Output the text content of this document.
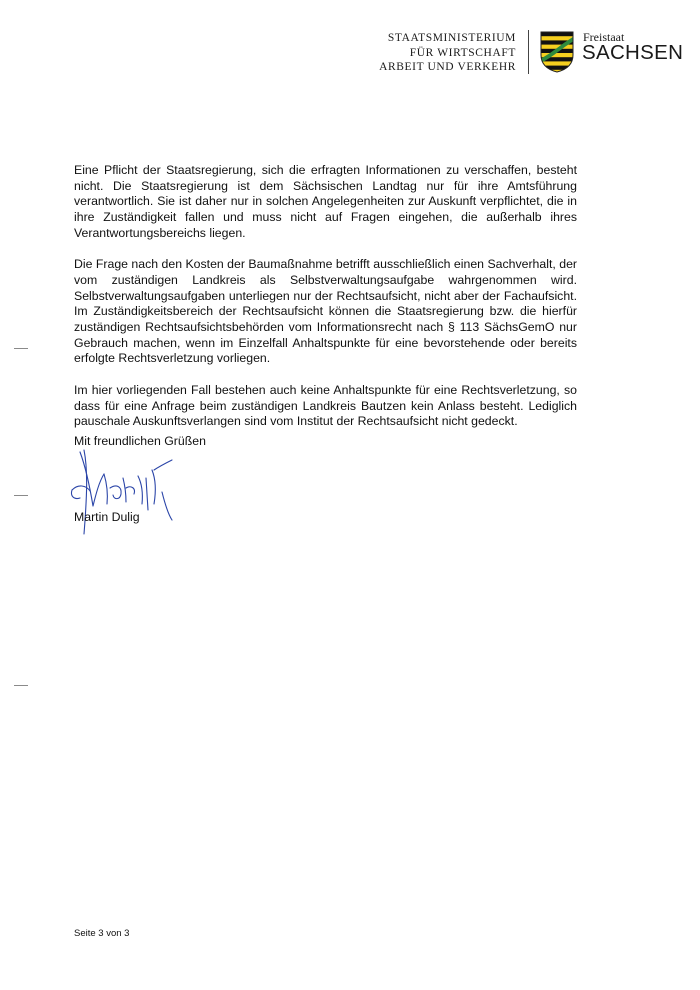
STAATSMINISTERIUM
FÜR WIRTSCHAFT
ARBEIT UND VERKEHR
Freistaat
SACHSEN

Eine Pflicht der Staatsregierung, sich die erfragten Informationen zu verschaffen, besteht nicht. Die Staatsregierung ist dem Sächsischen Landtag nur für ihre Amtsführung verantwortlich. Sie ist daher nur in solchen Angelegenheiten zur Auskunft verpflichtet, die in ihre Zuständigkeit fallen und muss nicht auf Fragen eingehen, die außerhalb ihres Verantwortungsbereichs liegen.

Die Frage nach den Kosten der Baumaßnahme betrifft ausschließlich einen Sachverhalt, der vom zuständigen Landkreis als Selbstverwaltungsaufgabe wahrgenommen wird. Selbstverwaltungsaufgaben unterliegen nur der Rechtsaufsicht, nicht aber der Fachaufsicht. Im Zuständigkeitsbereich der Rechtsaufsicht können die Staatsregierung bzw. die hierfür zuständigen Rechtsaufsichtsbehörden vom Informationsrecht nach § 113 SächsGemO nur Gebrauch machen, wenn im Einzelfall Anhaltspunkte für eine bevorstehende oder bereits erfolgte Rechtsverletzung vorliegen.

Im hier vorliegenden Fall bestehen auch keine Anhaltspunkte für eine Rechtsverletzung, so dass für eine Anfrage beim zuständigen Landkreis Bautzen kein Anlass besteht. Lediglich pauschale Auskunftsverlangen sind vom Institut der Rechtsaufsicht nicht gedeckt.

Mit freundlichen Grüßen
Martin Dulig
Seite 3 von 3
